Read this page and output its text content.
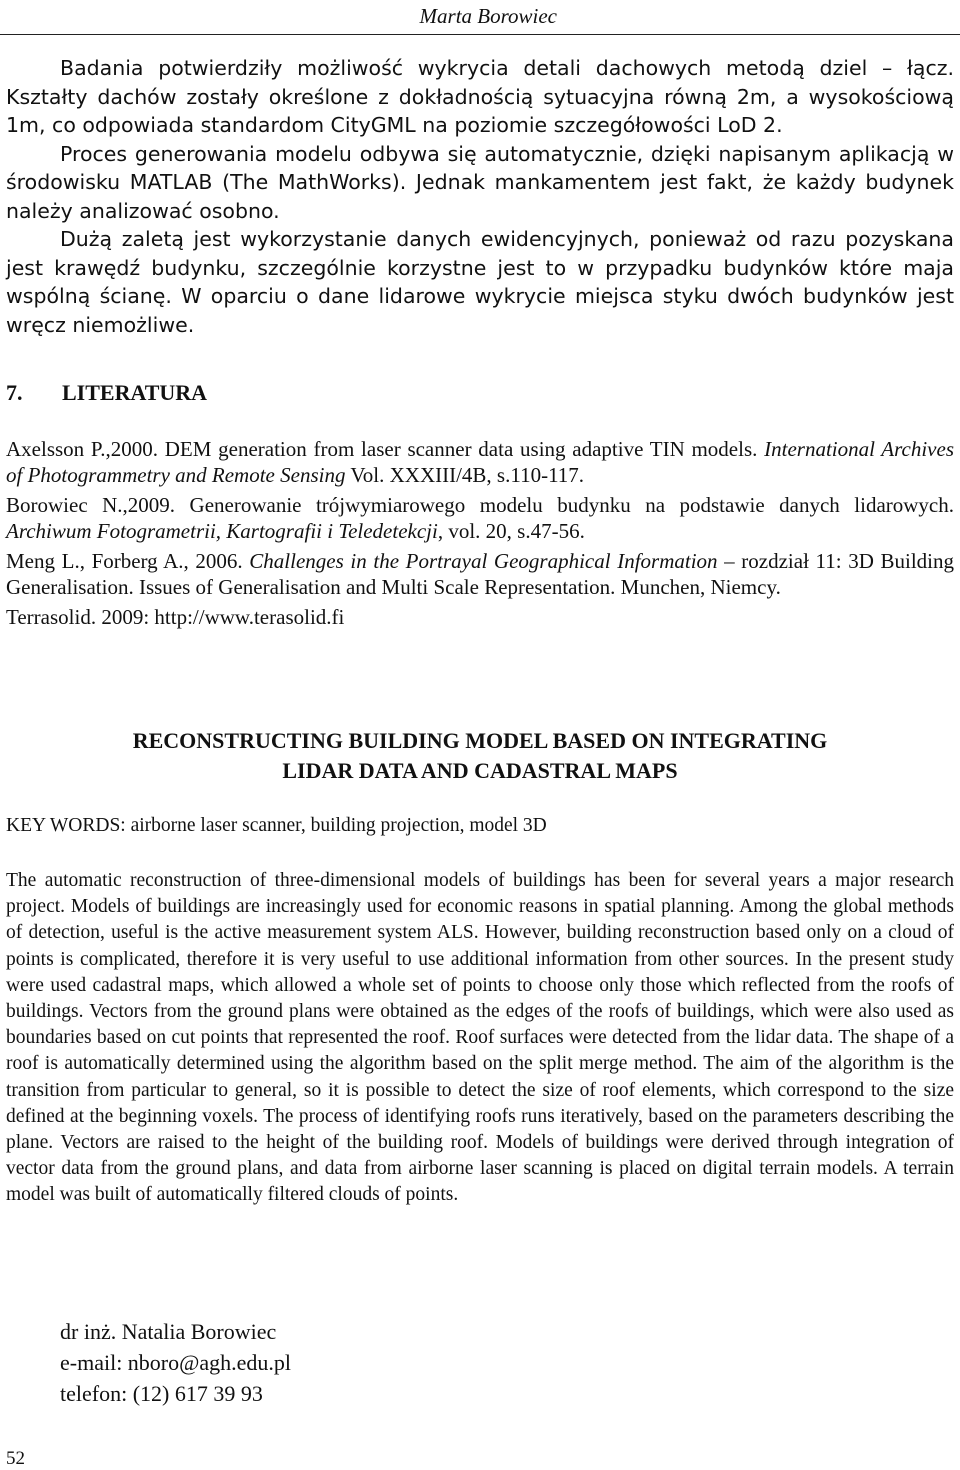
Marta Borowiec

Badania potwierdziły możliwość wykrycia detali dachowych metodą dziel – łącz. Kształty dachów zostały określone z dokładnością sytuacyjna równą 2m, a wysokościową 1m, co odpowiada standardom CityGML na poziomie szczegółowości LoD 2.

Proces generowania modelu odbywa się automatycznie, dzięki napisanym aplikacją w środowisku MATLAB (The MathWorks). Jednak mankamentem jest fakt, że każdy budynek należy analizować osobno.

Dużą zaletą jest wykorzystanie danych ewidencyjnych, ponieważ od razu pozyskana jest krawędź budynku, szczególnie korzystne jest to w przypadku budynków które maja wspólną ścianę. W oparciu o dane lidarowe wykrycie miejsca styku dwóch budynków jest wręcz niemożliwe.

7. LITERATURA

Axelsson P.,2000. DEM generation from laser scanner data using adaptive TIN models. International Archives of Photogrammetry and Remote Sensing Vol. XXXIII/4B, s.110-117.

Borowiec N.,2009. Generowanie trójwymiarowego modelu budynku na podstawie danych lidarowych. Archiwum Fotogrametrii, Kartografii i Teledetekcji, vol. 20, s.47-56.

Meng L., Forberg A., 2006. Challenges in the Portrayal Geographical Information – rozdział 11: 3D Building Generalisation. Issues of Generalisation and Multi Scale Representation. Munchen, Niemcy.

Terrasolid. 2009: http://www.terasolid.fi

RECONSTRUCTING BUILDING MODEL BASED ON INTEGRATING
LIDAR DATA AND CADASTRAL MAPS
KEY WORDS: airborne laser scanner, building projection, model 3D

The automatic reconstruction of three-dimensional models of buildings has been for several years a major research project. Models of buildings are increasingly used for economic reasons in spatial planning. Among the global methods of detection, useful is the active measurement system ALS. However, building reconstruction based only on a cloud of points is complicated, therefore it is very useful to use additional information from other sources. In the present study were used cadastral maps, which allowed a whole set of points to choose only those which reflected from the roofs of buildings. Vectors from the ground plans were obtained as the edges of the roofs of buildings, which were also used as boundaries based on cut points that represented the roof. Roof surfaces were detected from the lidar data. The shape of a roof is automatically determined using the algorithm based on the split merge method. The aim of the algorithm is the transition from particular to general, so it is possible to detect the size of roof elements, which correspond to the size defined at the beginning voxels. The process of identifying roofs runs iteratively, based on the parameters describing the plane. Vectors are raised to the height of the building roof. Models of buildings were derived through integration of vector data from the ground plans, and data from airborne laser scanning is placed on digital terrain models. A terrain model was built of automatically filtered clouds of points.

dr inż. Natalia Borowiec
e-mail: nboro@agh.edu.pl
telefon: (12) 617 39 93
52
